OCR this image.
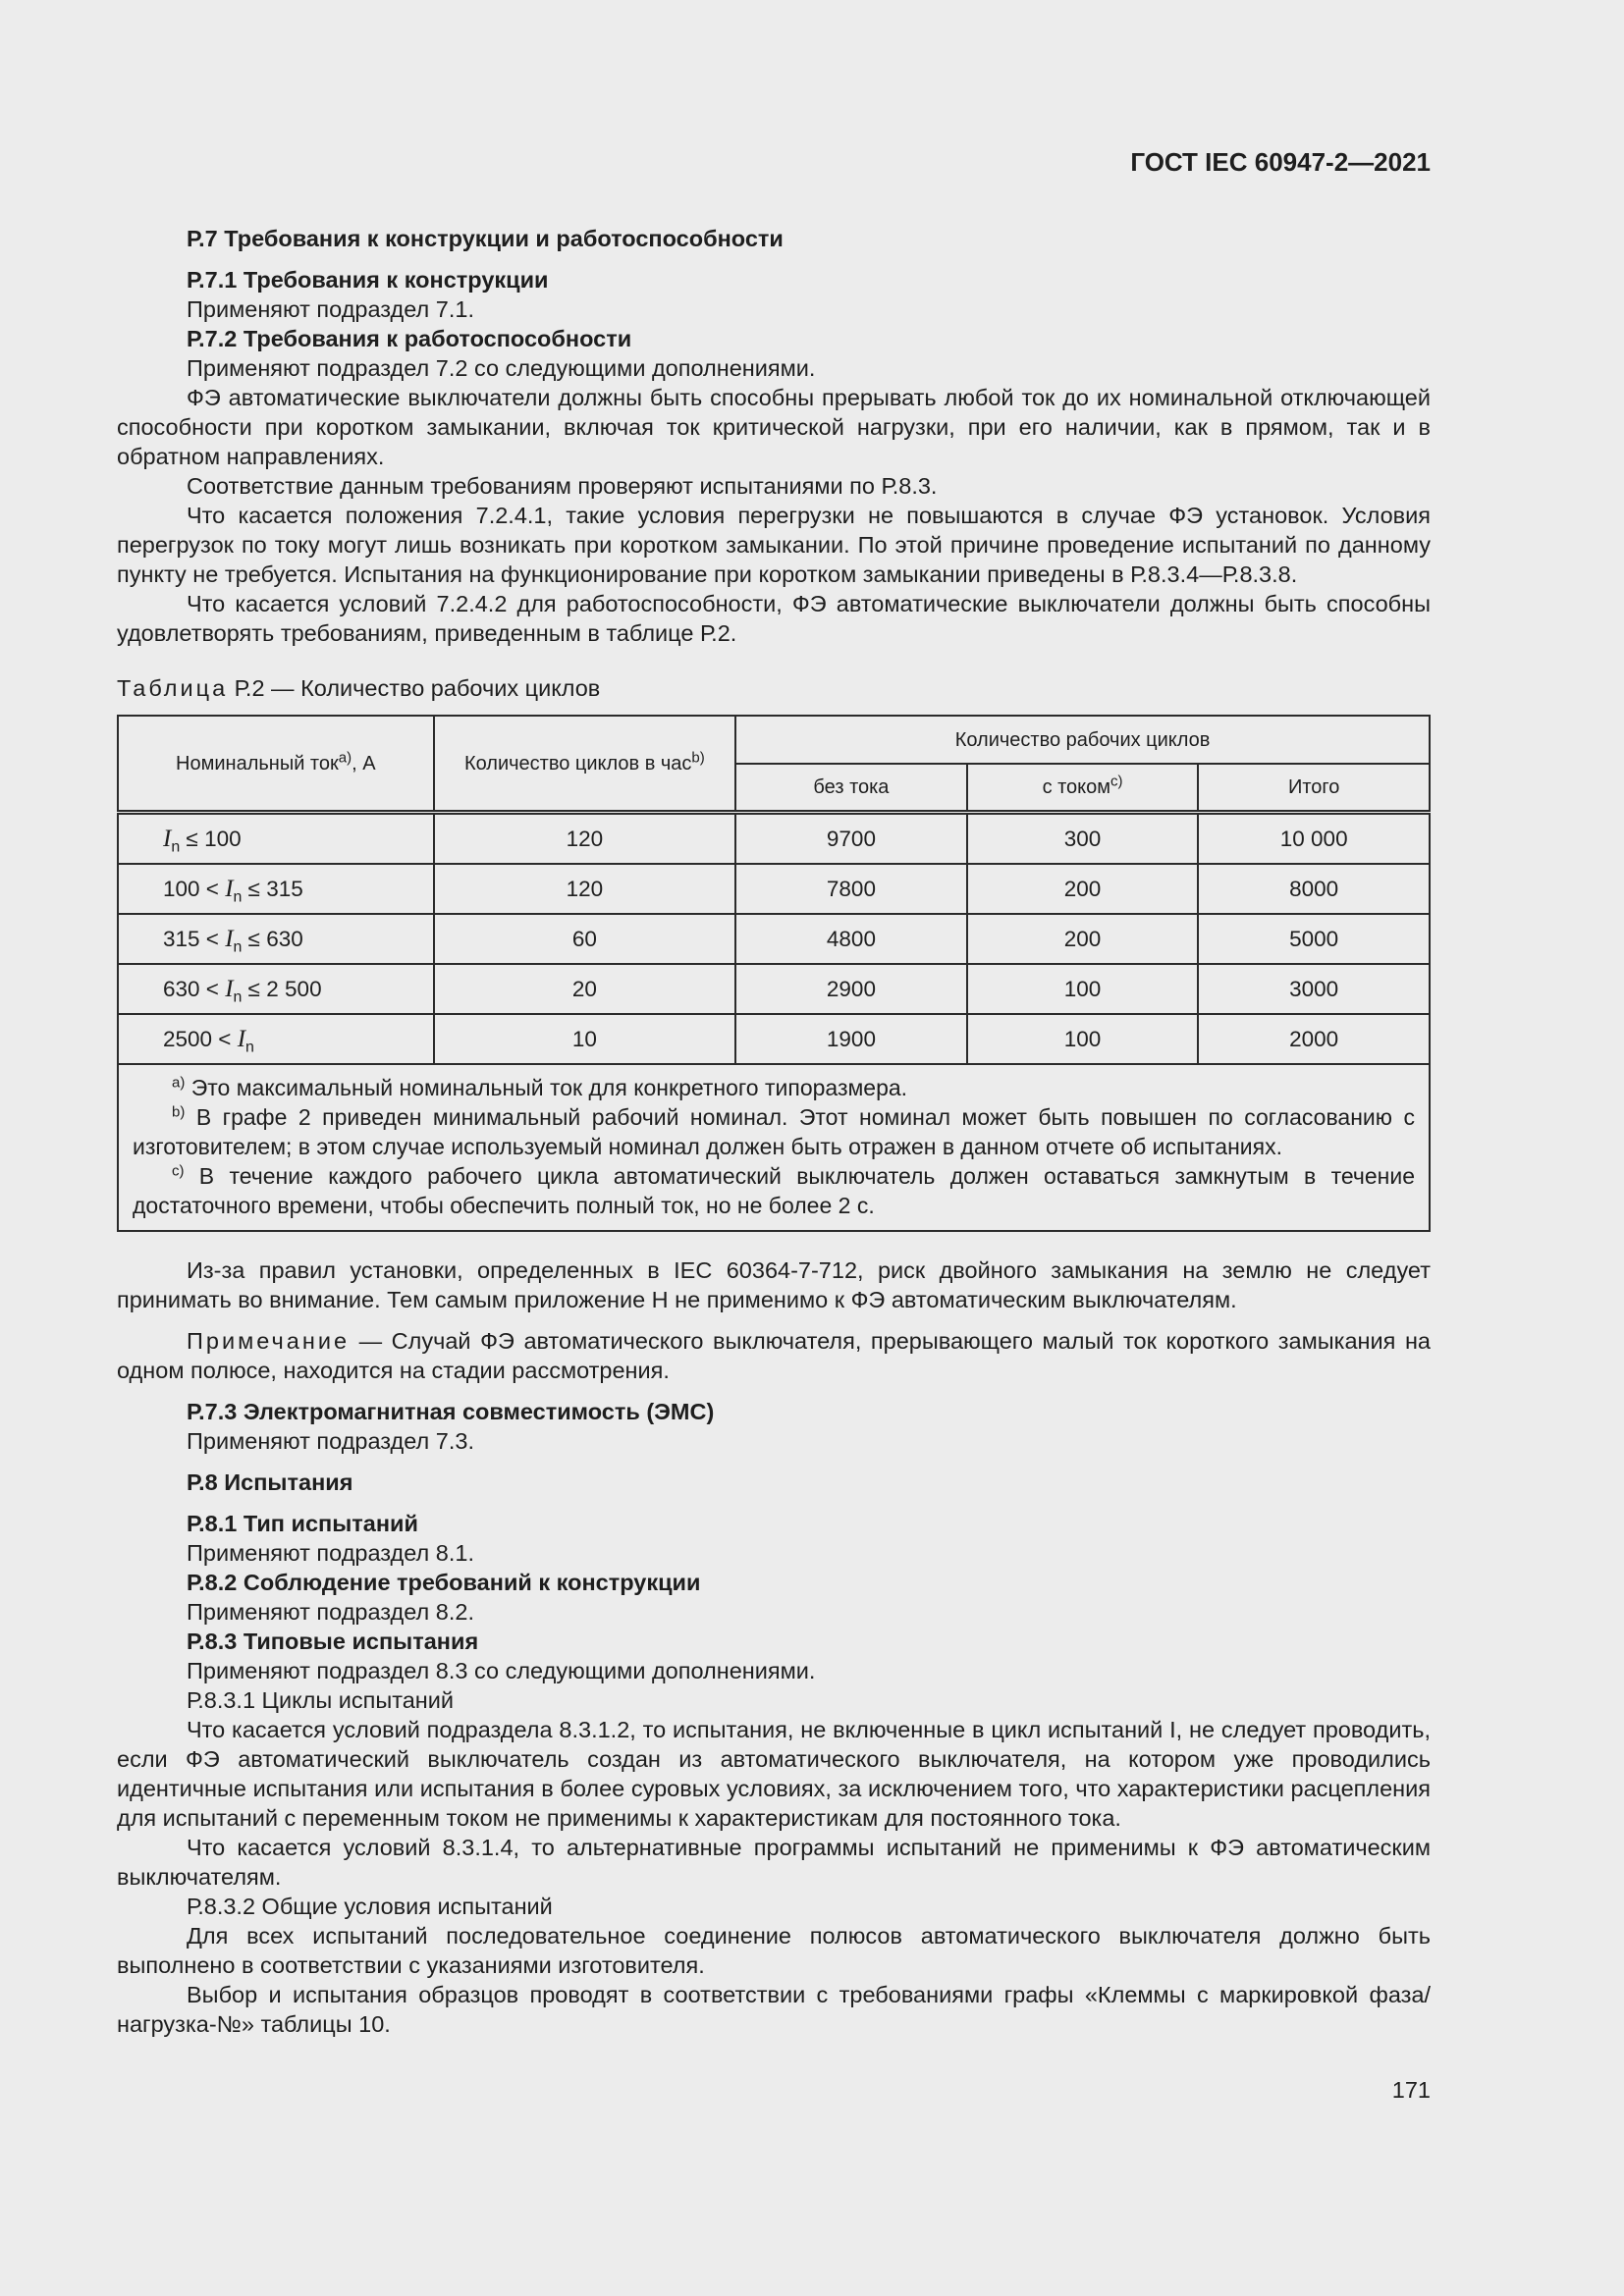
ГОСТ IEC 60947-2—2021

Р.7 Требования к конструкции и работоспособности

Р.7.1 Требования к конструкции

Применяют подраздел 7.1.

Р.7.2 Требования к работоспособности

Применяют подраздел 7.2 со следующими дополнениями.

ФЭ автоматические выключатели должны быть способны прерывать любой ток до их номинальной отключающей способности при коротком замыкании, включая ток критической нагрузки, при его наличии, как в прямом, так и в обратном направлениях.

Соответствие данным требованиям проверяют испытаниями по Р.8.3.

Что касается положения 7.2.4.1, такие условия перегрузки не повышаются в случае ФЭ установок. Условия перегрузок по току могут лишь возникать при коротком замыкании. По этой причине проведение испытаний по данному пункту не требуется. Испытания на функционирование при коротком замыкании приведены в Р.8.3.4—Р.8.3.8.

Что касается условий 7.2.4.2 для работоспособности, ФЭ автоматические выключатели должны быть способны удовлетворять требованиям, приведенным в таблице Р.2.

Таблица Р.2 — Количество рабочих циклов

Номинальный ток$^{a)}$, А	Количество циклов в час$^{b)}$	Количество рабочих циклов		
		без тока	с током$^{c)}$	Итого
$I_n \le 100$	120	9700	300	10 000
$100 < I_n \le 315$	120	7800	200	8000
$315 < I_n \le 630$	60	4800	200	5000
$630 < I_n \le 2$ 500	20	2900	100	3000
$2500 < I_n$	10	1900	100	2000

$^{a)}$ Это максимальный номинальный ток для конкретного типоразмера.

$^{b)}$ В графе 2 приведен минимальный рабочий номинал. Этот номинал может быть повышен по согласованию с изготовителем; в этом случае используемый номинал должен быть отражен в данном отчете об испытаниях.

$^{c)}$ В течение каждого рабочего цикла автоматический выключатель должен оставаться замкнутым в течение достаточного времени, чтобы обеспечить полный ток, но не более 2 с.				

Из-за правил установки, определенных в IEC 60364-7-712, риск двойного замыкания на землю не следует принимать во внимание. Тем самым приложение Н не применимо к ФЭ автоматическим выключателям.

Примечание — Случай ФЭ автоматического выключателя, прерывающего малый ток короткого замыкания на одном полюсе, находится на стадии рассмотрения.

Р.7.3 Электромагнитная совместимость (ЭМС)

Применяют подраздел 7.3.

Р.8 Испытания

Р.8.1 Тип испытаний

Применяют подраздел 8.1.

Р.8.2 Соблюдение требований к конструкции

Применяют подраздел 8.2.

Р.8.3 Типовые испытания

Применяют подраздел 8.3 со следующими дополнениями.

Р.8.3.1 Циклы испытаний

Что касается условий подраздела 8.3.1.2, то испытания, не включенные в цикл испытаний I, не следует проводить, если ФЭ автоматический выключатель создан из автоматического выключателя, на котором уже проводились идентичные испытания или испытания в более суровых условиях, за исключением того, что характеристики расцепления для испытаний с переменным током не применимы к характеристикам для постоянного тока.

Что касается условий 8.3.1.4, то альтернативные программы испытаний не применимы к ФЭ автоматическим выключателям.

Р.8.3.2 Общие условия испытаний

Для всех испытаний последовательное соединение полюсов автоматического выключателя должно быть выполнено в соответствии с указаниями изготовителя.

Выбор и испытания образцов проводят в соответствии с требованиями графы «Клеммы с маркировкой фаза/нагрузка-№» таблицы 10.

171
